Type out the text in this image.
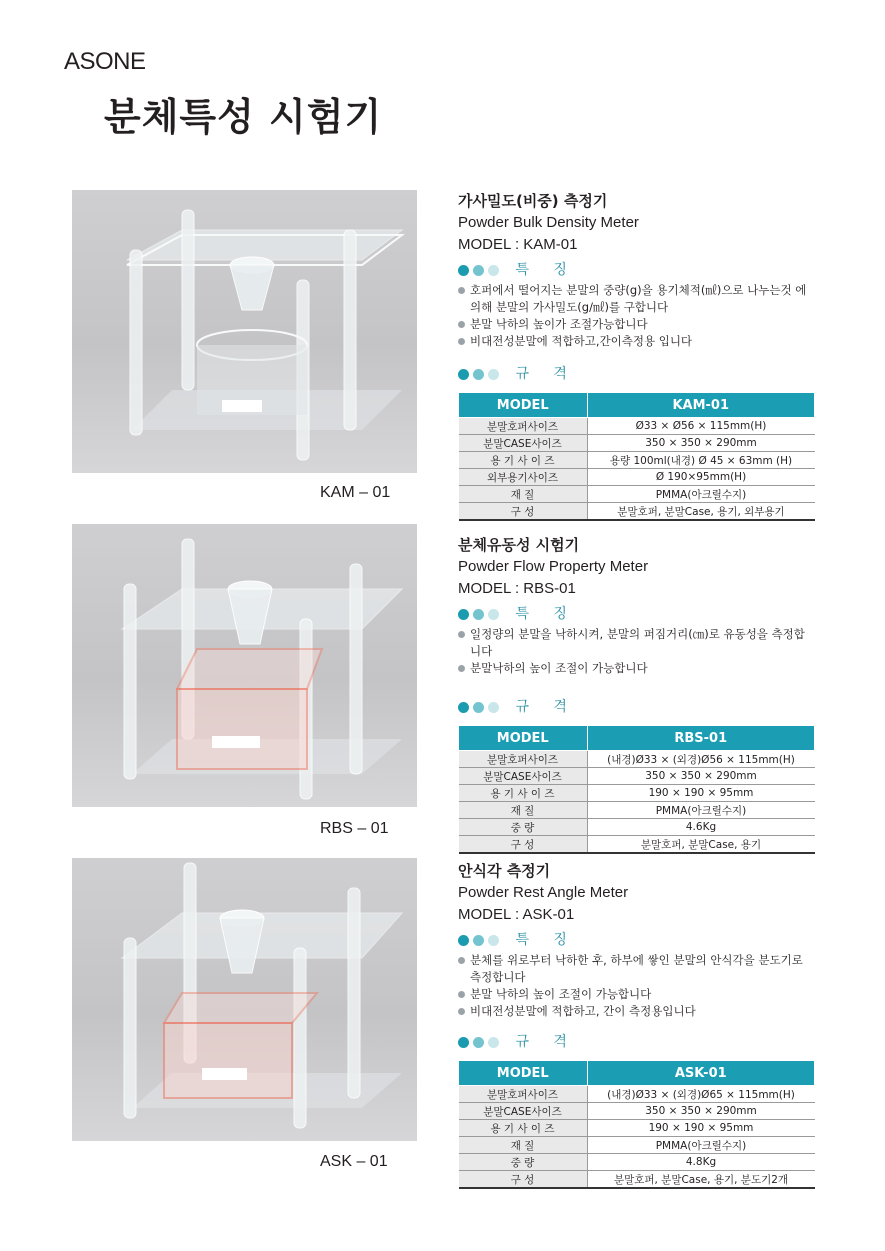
ASONE
분체특성 시험기
KAM – 01
가사밀도(비중) 측정기
Powder Bulk Density Meter
MODEL : KAM-01
특 징
호퍼에서 떨어지는 분말의 중량(g)을 용기체적(㎖)으로 나누는것 에 의해 분말의 가사밀도(g/㎖)를 구합니다
분말 낙하의 높이가 조절가능합니다
비대전성분말에 적합하고,간이측정용 입니다
규 격
MODEL	KAM-01
분말호퍼사이즈	Ø33 × Ø56 × 115mm(H)
분말CASE사이즈	350 × 350 × 290mm
용 기 사 이 즈	용량 100ml(내경) Ø 45 × 63mm (H)
외부용기사이즈	Ø 190×95mm(H)
재 질	PMMA(아크릴수지)
구 성	분말호퍼, 분말Case, 용기, 외부용기
RBS – 01
분체유동성 시험기
Powder Flow Property Meter
MODEL : RBS-01
특 징
일정량의 분말을 낙하시켜, 분말의 퍼짐거리(㎝)로 유동성을 측정합니다
분말낙하의 높이 조절이 가능합니다
규 격
MODEL	RBS-01
분말호퍼사이즈	(내경)Ø33 × (외경)Ø56 × 115mm(H)
분말CASE사이즈	350 × 350 × 290mm
용 기 사 이 즈	190 × 190 × 95mm
재 질	PMMA(아크릴수지)
중 량	4.6Kg
구 성	분말호퍼, 분말Case, 용기
ASK – 01
안식각 측정기
Powder Rest Angle Meter
MODEL : ASK-01
특 징
분체를 위로부터 낙하한 후, 하부에 쌓인 분말의 안식각을 분도기로 측정합니다
분말 낙하의 높이 조절이 가능합니다
비대전성분말에 적합하고, 간이 측정용입니다
규 격
MODEL	ASK-01
분말호퍼사이즈	(내경)Ø33 × (외경)Ø65 × 115mm(H)
분말CASE사이즈	350 × 350 × 290mm
용 기 사 이 즈	190 × 190 × 95mm
재 질	PMMA(아크릴수지)
중 량	4.8Kg
구 성	분말호퍼, 분말Case, 용기, 분도기2개
